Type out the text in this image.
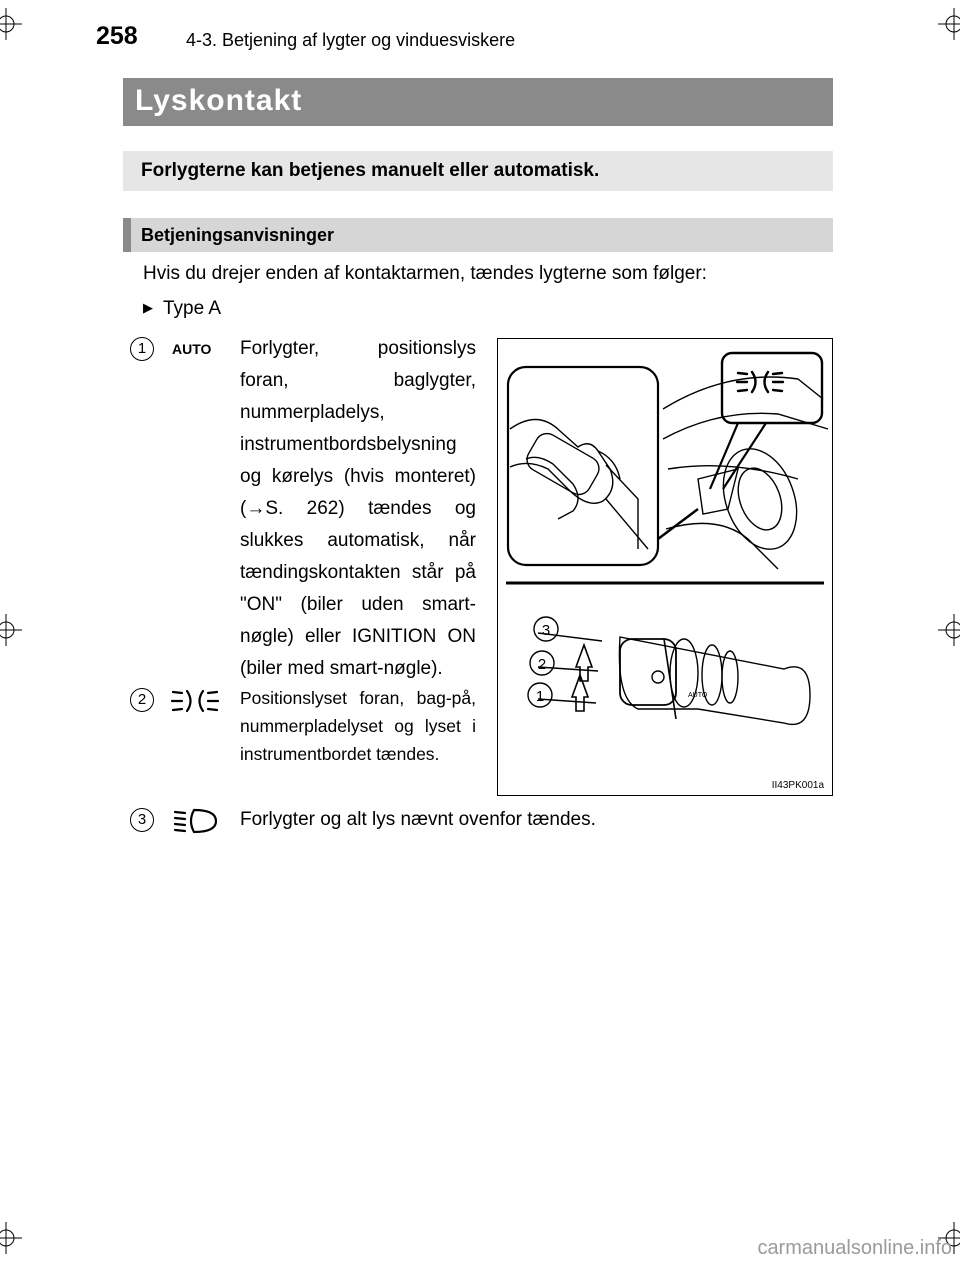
258	4-3. Betjening af lygter og vinduesviskere
Lyskontakt
Forlygterne kan betjenes manuelt eller automatisk.
Betjeningsanvisninger
Hvis du drejer enden af kontaktarmen, tændes lygterne som følger:
▶ Type A
1	AUTO Forlygter, positionslys foran, baglygter, nummerpladelys, instrumentbordsbelysning og kørelys (hvis monteret) (→S. 262) tændes og slukkes automatisk, når tændingskontakten står på "ON" (biler uden smart-nøgle) eller IGNITION ON (biler med smart-nøgle).
2	Positionslyset foran, bag-på, nummerpladelyset og lyset i instrumentbordet tændes.
3	Forlygter og alt lys nævnt ovenfor tændes.
3
2
1	AUTO
II43PK001a
carmanualsonline.info
